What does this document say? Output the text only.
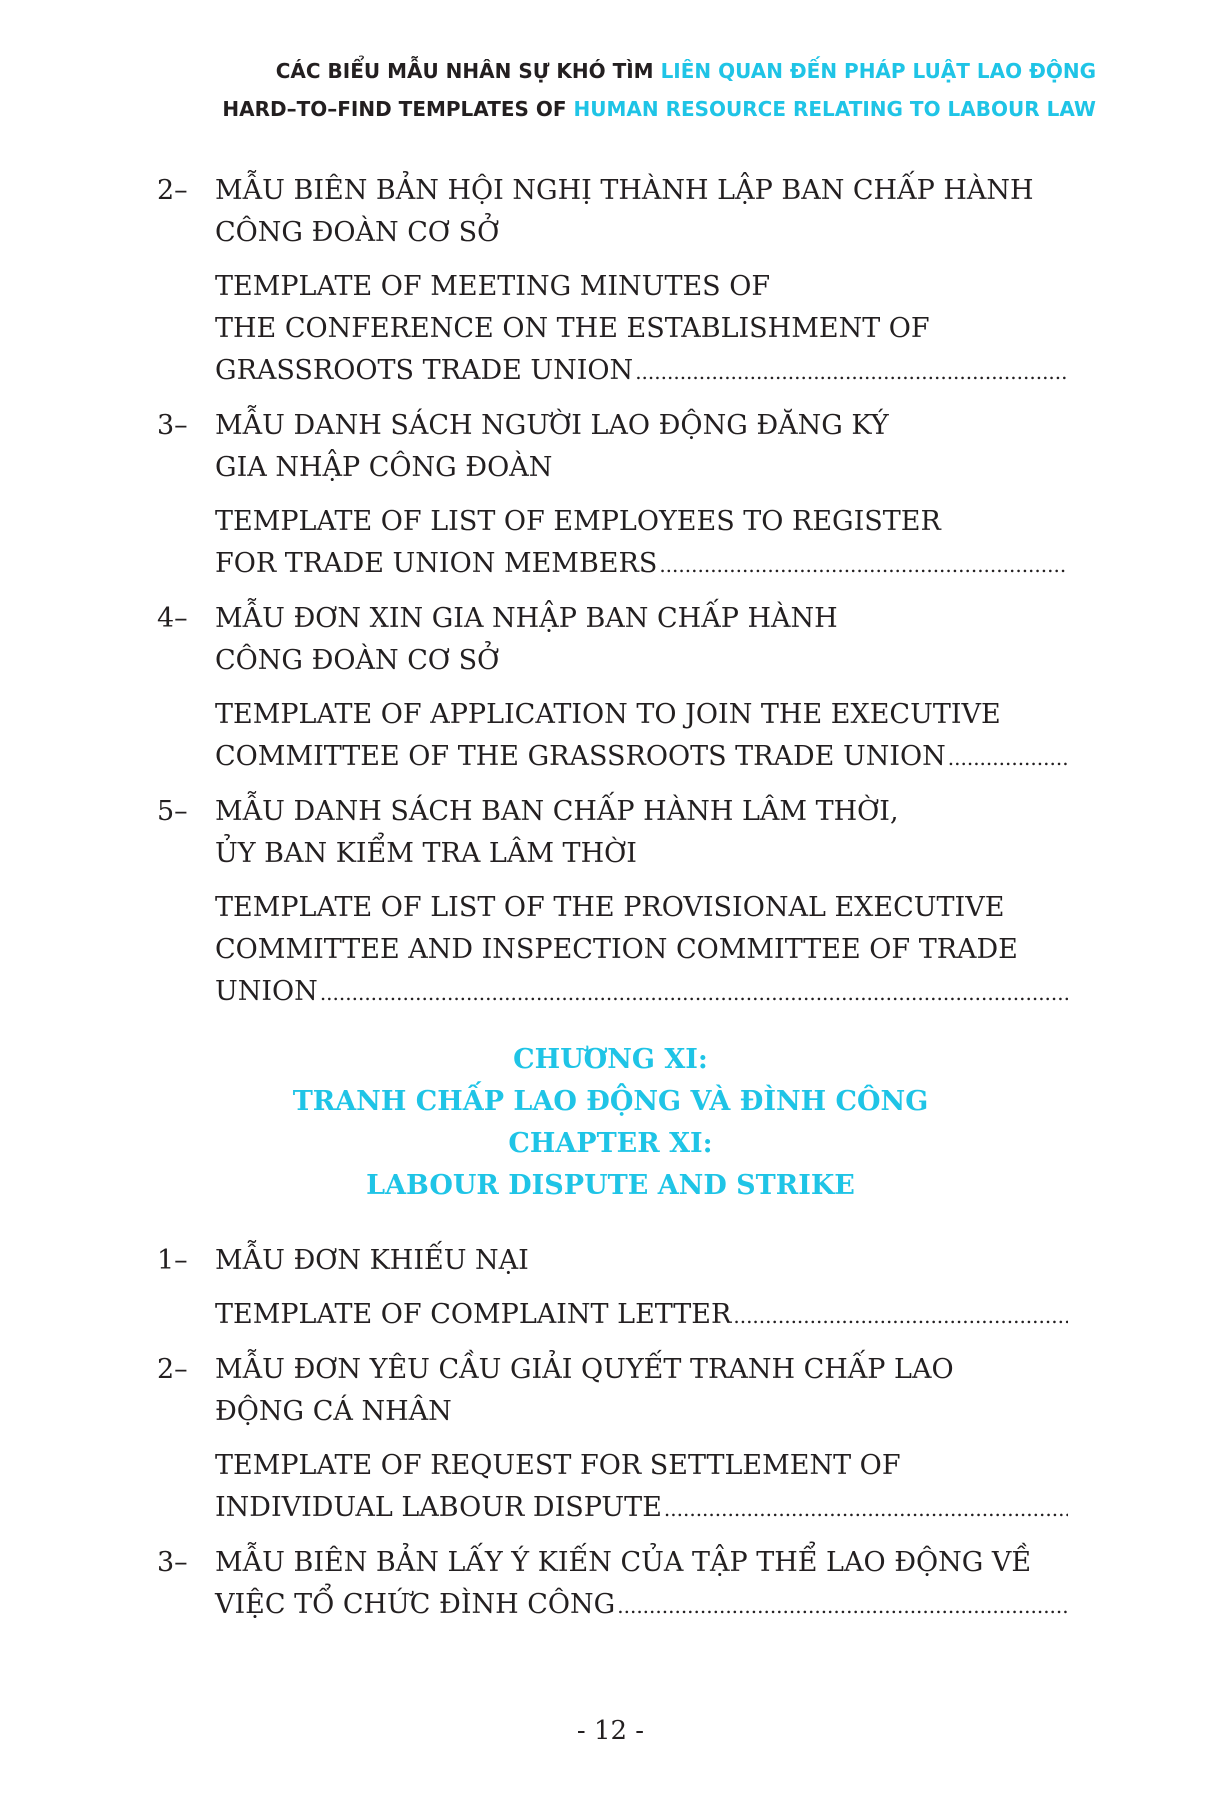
CÁC BIỂU MẪU NHÂN SỰ KHÓ TÌM LIÊN QUAN ĐẾN PHÁP LUẬT LAO ĐỘNG
HARD–TO–FIND TEMPLATES OF HUMAN RESOURCE RELATING TO LABOUR LAW
2– MẪU BIÊN BẢN HỘI NGHỊ THÀNH LẬP BAN CHẤP HÀNH
CÔNG ĐOÀN CƠ SỞ
TEMPLATE OF MEETING MINUTES OF
THE CONFERENCE ON THE ESTABLISHMENT OF
GRASSROOTS TRADE UNION
.....
3– MẪU DANH SÁCH NGƯỜI LAO ĐỘNG ĐĂNG KÝ
GIA NHẬP CÔNG ĐOÀN
TEMPLATE OF LIST OF EMPLOYEES TO REGISTER
FOR TRADE UNION MEMBERS
.....
4– MẪU ĐƠN XIN GIA NHẬP BAN CHẤP HÀNH
CÔNG ĐOÀN CƠ SỞ
TEMPLATE OF APPLICATION TO JOIN THE EXECUTIVE
COMMITTEE OF THE GRASSROOTS TRADE UNION
.....
5– MẪU DANH SÁCH BAN CHẤP HÀNH LÂM THỜI,
ỦY BAN KIỂM TRA LÂM THỜI
TEMPLATE OF LIST OF THE PROVISIONAL EXECUTIVE
COMMITTEE AND INSPECTION COMMITTEE OF TRADE
UNION
.....
CHƯƠNG XI:
TRANH CHẤP LAO ĐỘNG VÀ ĐÌNH CÔNG
CHAPTER XI:
LABOUR DISPUTE AND STRIKE
1– MẪU ĐƠN KHIẾU NẠI
TEMPLATE OF COMPLAINT LETTER
.....
2– MẪU ĐƠN YÊU CẦU GIẢI QUYẾT TRANH CHẤP LAO
ĐỘNG CÁ NHÂN
TEMPLATE OF REQUEST FOR SETTLEMENT OF
INDIVIDUAL LABOUR DISPUTE
.....
3– MẪU BIÊN BẢN LẤY Ý KIẾN CỦA TẬP THỂ LAO ĐỘNG VỀ
VIỆC TỔ CHỨC ĐÌNH CÔNG
.....
- 12 -
